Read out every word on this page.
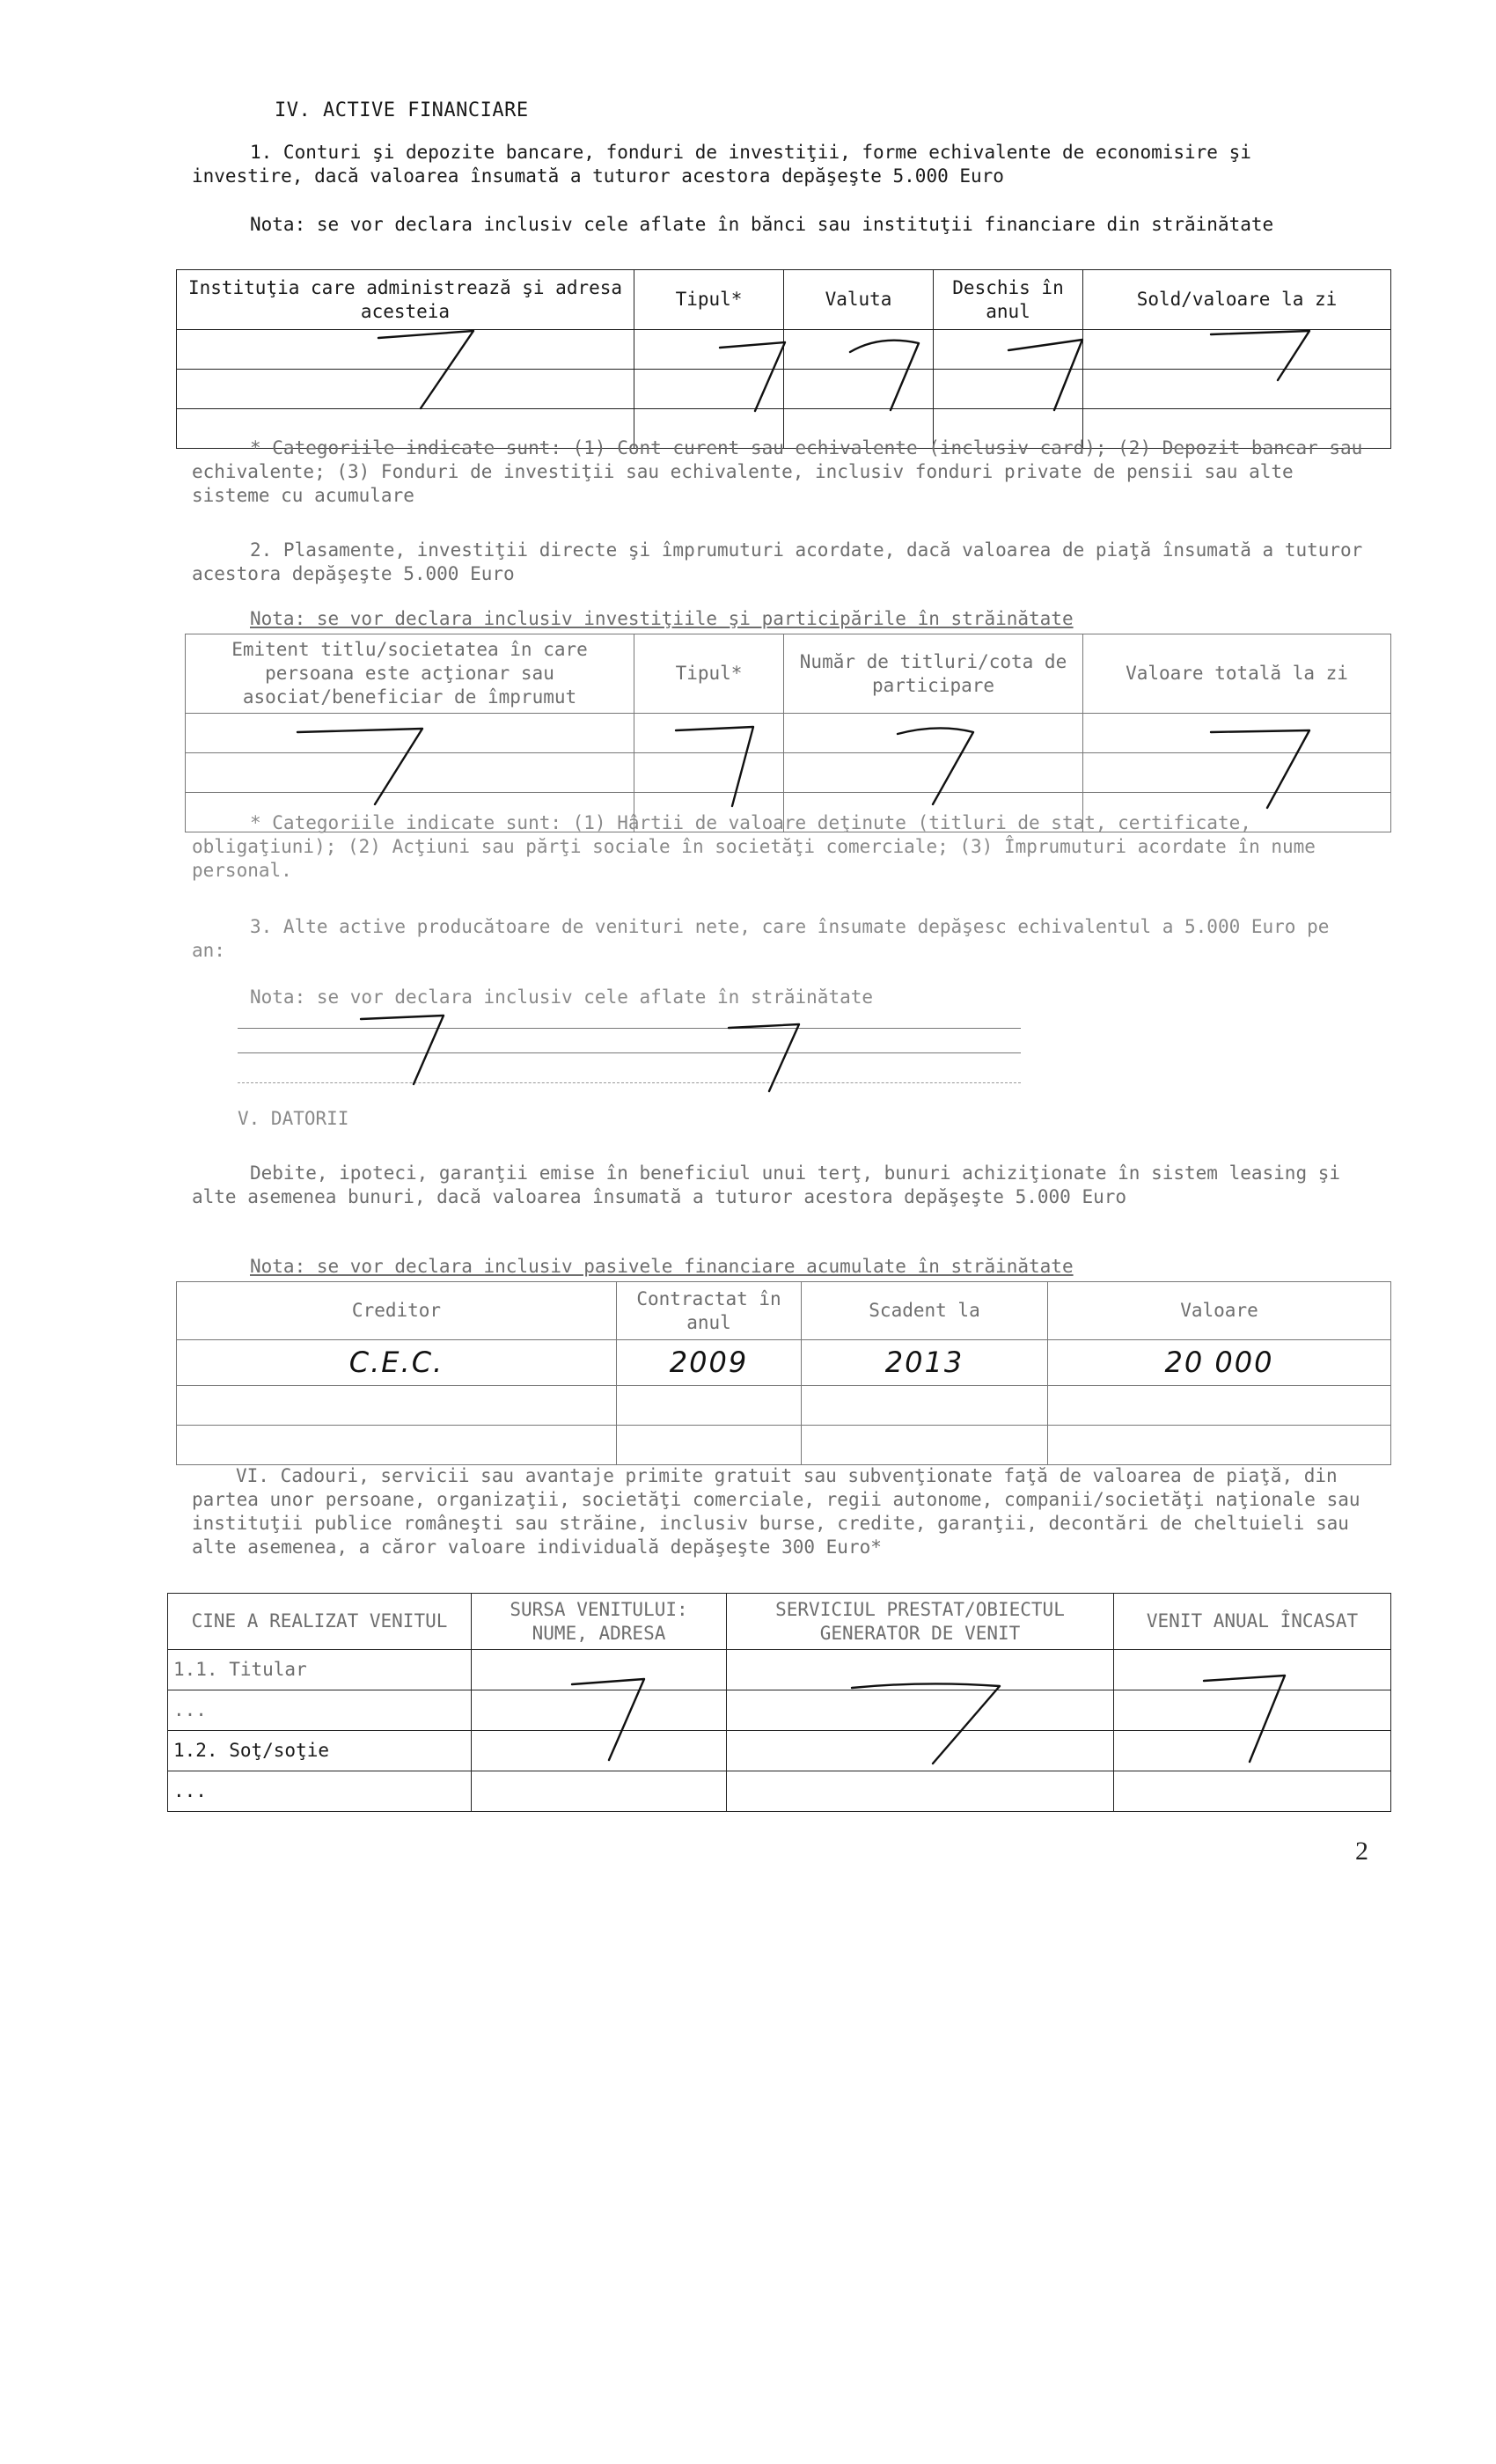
IV. ACTIVE FINANCIARE
1. Conturi şi depozite bancare, fonduri de investiţii, forme echivalente de economisire şi investire, dacă valoarea însumată a tuturor acestora depăşeşte 5.000 Euro
Nota: se vor declara inclusiv cele aflate în bănci sau instituţii financiare din străinătate
Instituţia care administrează şi adresa acesteia	Tipul*	Valuta	Deschis în anul	Sold/valoare la zi

* Categoriile indicate sunt: (1) Cont curent sau echivalente (inclusiv card); (2) Depozit bancar sau echivalente; (3) Fonduri de investiţii sau echivalente, inclusiv fonduri private de pensii sau alte sisteme cu acumulare
2. Plasamente, investiţii directe şi împrumuturi acordate, dacă valoarea de piaţă însumată a tuturor acestora depăşeşte 5.000 Euro
Nota: se vor declara inclusiv investiţiile şi participările în străinătate
Emitent titlu/societatea în care persoana este acţionar sau asociat/beneficiar de împrumut	Tipul*	Număr de titluri/cota de participare	Valoare totală la zi

* Categoriile indicate sunt: (1) Hârtii de valoare deţinute (titluri de stat, certificate, obligaţiuni); (2) Acţiuni sau părţi sociale în societăţi comerciale; (3) Împrumuturi acordate în nume personal.
3. Alte active producătoare de venituri nete, care însumate depăşesc echivalentul a 5.000 Euro pe an:
Nota: se vor declara inclusiv cele aflate în străinătate
V. DATORII
Debite, ipoteci, garanţii emise în beneficiul unui terţ, bunuri achiziţionate în sistem leasing şi alte asemenea bunuri, dacă valoarea însumată a tuturor acestora depăşeşte 5.000 Euro
Nota: se vor declara inclusiv pasivele financiare acumulate în străinătate
Creditor	Contractat în anul	Scadent la	Valoare
C.E.C.	2009	2013	20 000

VI. Cadouri, servicii sau avantaje primite gratuit sau subvenţionate faţă de valoarea de piaţă, din partea unor persoane, organizaţii, societăţi comerciale, regii autonome, companii/societăţi naţionale sau instituţii publice româneşti sau străine, inclusiv burse, credite, garanţii, decontări de cheltuieli sau alte asemenea, a căror valoare individuală depăşeşte 300 Euro*
CINE A REALIZAT VENITUL	SURSA VENITULUI: NUME, ADRESA	SERVICIUL PRESTAT/OBIECTUL GENERATOR DE VENIT	VENIT ANUAL ÎNCASAT
1.1. Titular			
...			
1.2. Soţ/soţie			
...			
2
